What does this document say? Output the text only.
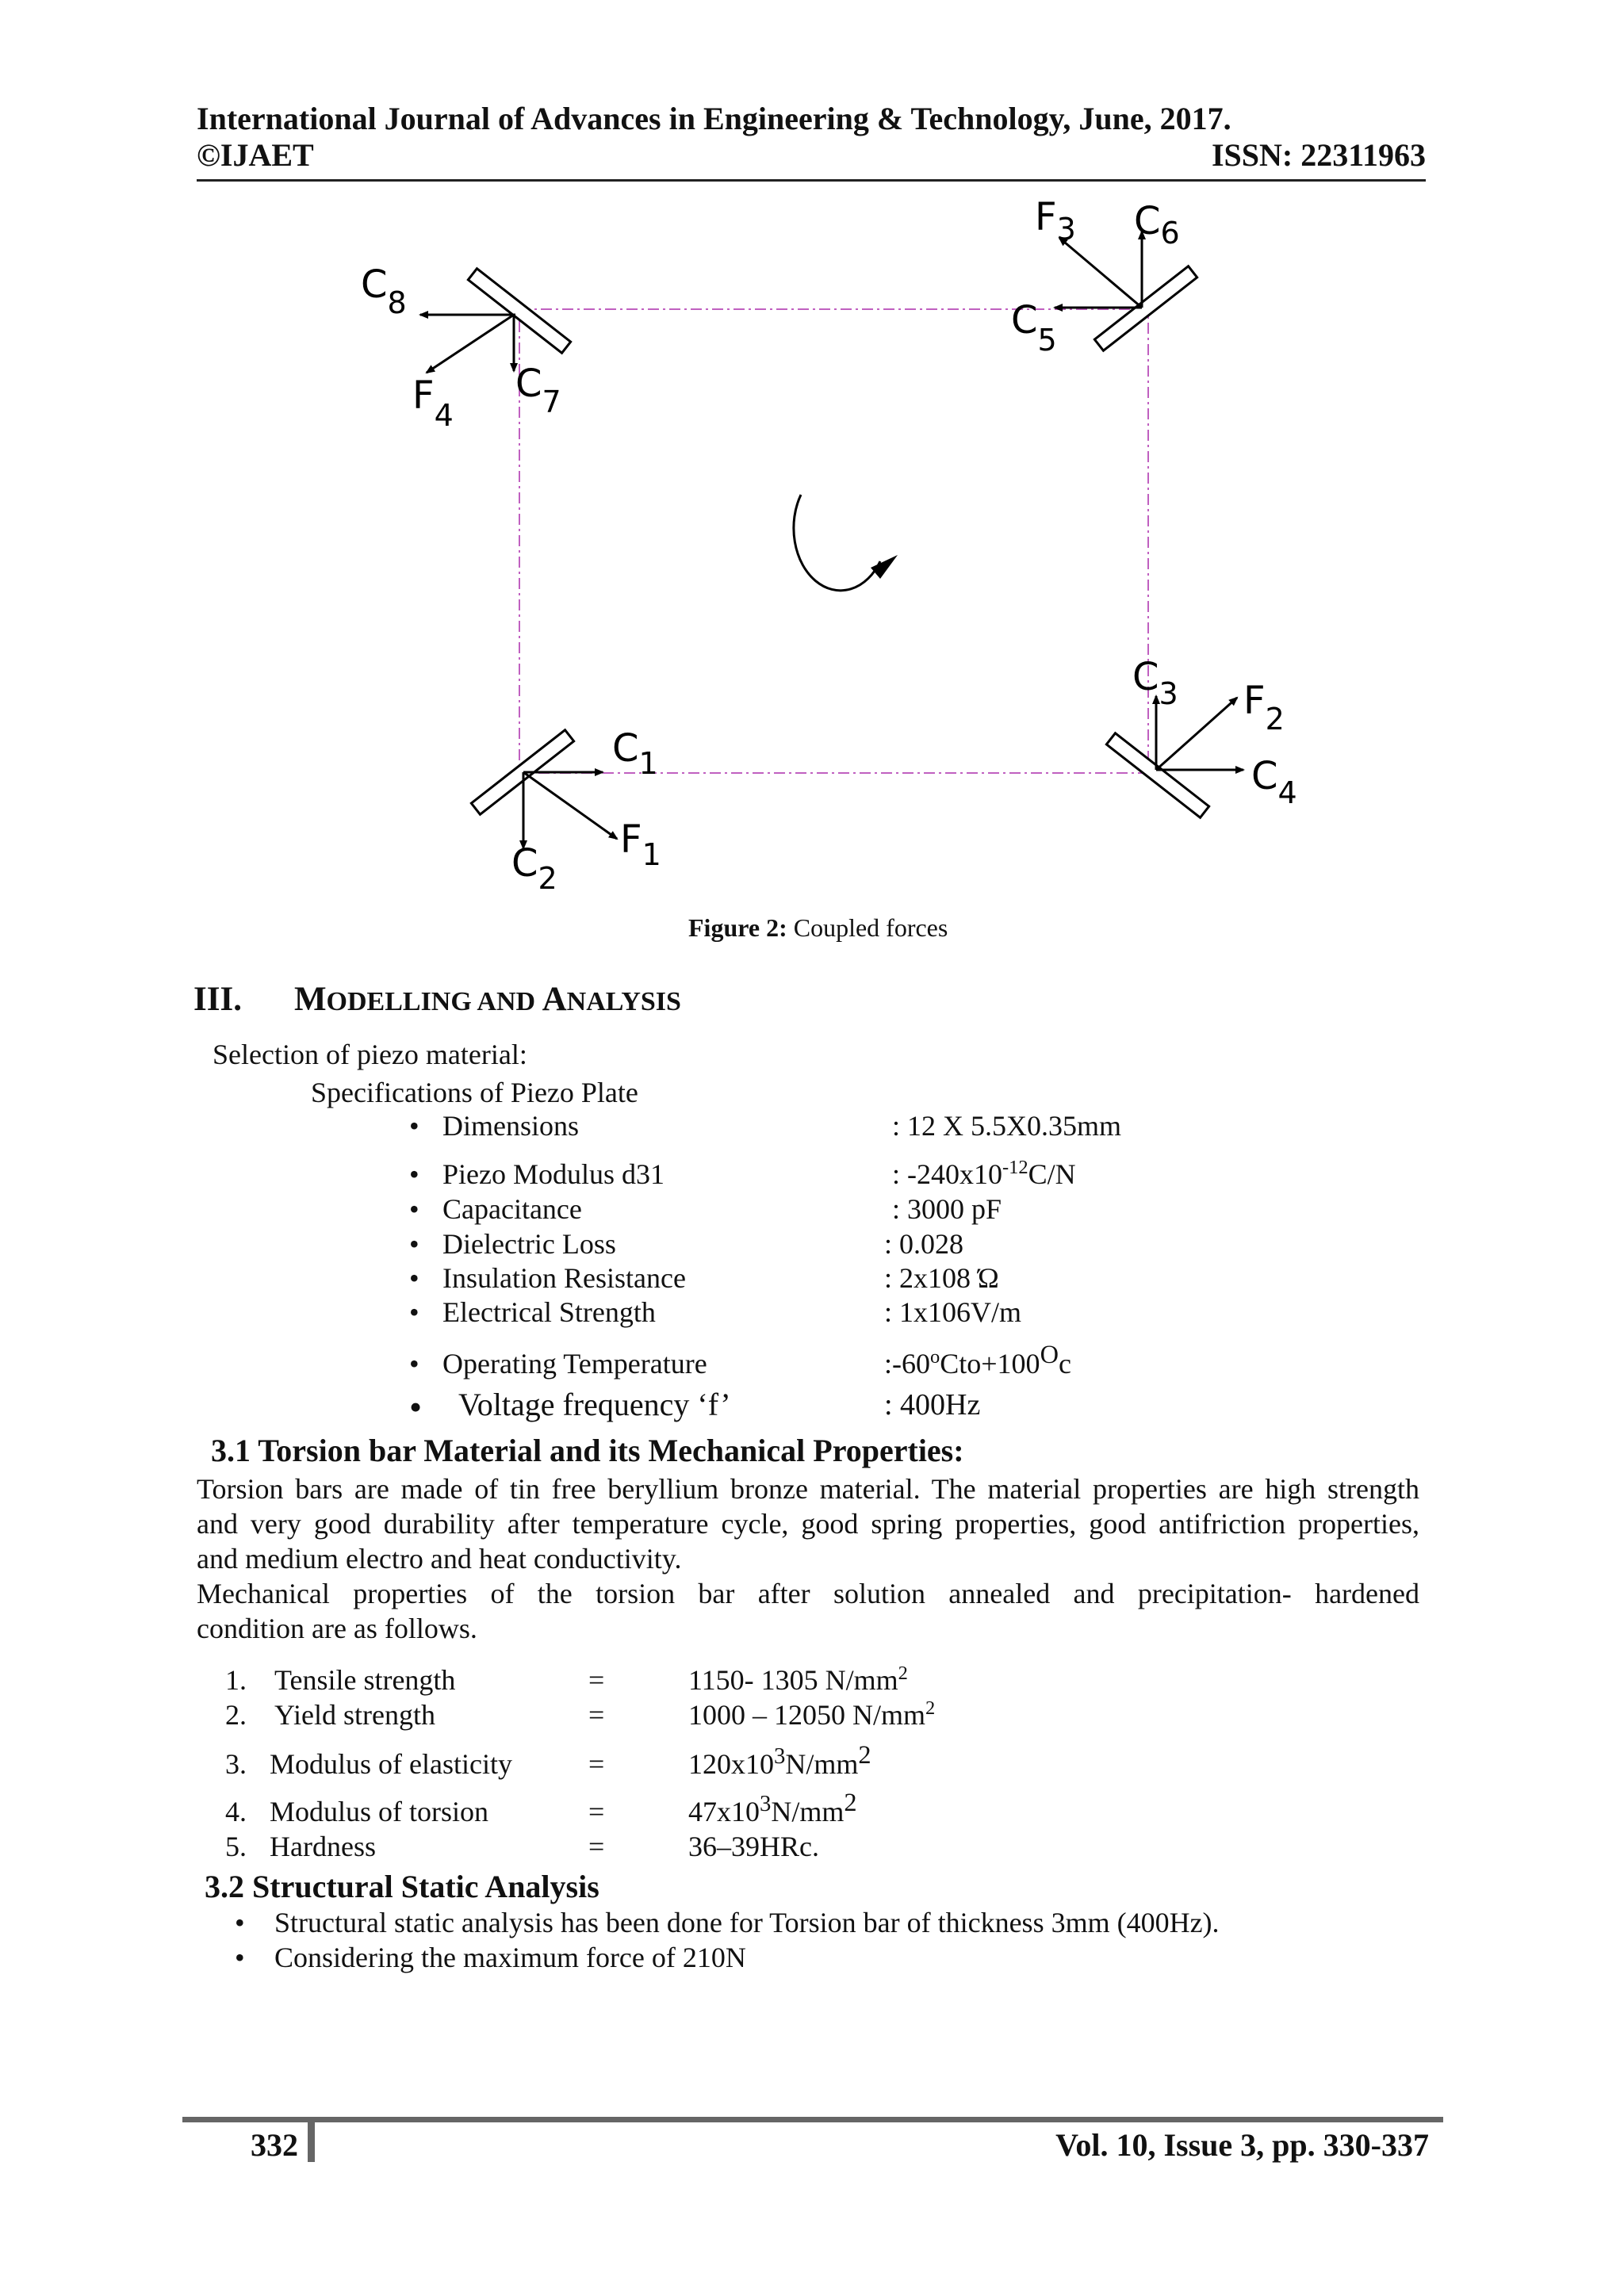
International Journal of Advances in Engineering & Technology, June, 2017.
©IJAET	ISSN: 22311963
$F_3$ $C_6$
$C_5$
$C_8$
$C_7$
$F_4$
$C_3$ $F_2$
$C_4$
$C_1$
$F_1$
$C_2$
Figure 2: Coupled forces
III. MODELLING AND ANALYSIS
Selection of piezo material:
Specifications of Piezo Plate
• Dimensions	: 12 X 5.5X0.35mm
• Piezo Modulus d31	: $-240x10^{-12}C/N$
• Capacitance	: 3000 pF
• Dielectric Loss	: 0.028
• Insulation Resistance	: 2x108 Ώ
• Electrical Strength	: 1x106V/m
• Operating Temperature	$:-60^oCto+100^Oc$
• Voltage frequency ‘f’	: 400Hz
3.1 Torsion bar Material and its Mechanical Properties:
Torsion bars are made of tin free beryllium bronze material. The material properties are high strength
and very good durability after temperature cycle, good spring properties, good antifriction properties,
and medium electro and heat conductivity.
Mechanical properties of the torsion bar after solution annealed and precipitation- hardened
condition are as follows.
1. Tensile strength	=	1150- 1305 $N/mm^2$
2. Yield strength	=	1000 – 12050 $N/mm^2$
3. Modulus of elasticity	=	$120x10^3N/mm^2$
4. Modulus of torsion	=	$47x10^3N/mm^2$
5. Hardness	=	36–39HRc.
3.2 Structural Static Analysis
• Structural static analysis has been done for Torsion bar of thickness 3mm (400Hz).
• Considering the maximum force of 210N
332	Vol. 10, Issue 3, pp. 330-337
